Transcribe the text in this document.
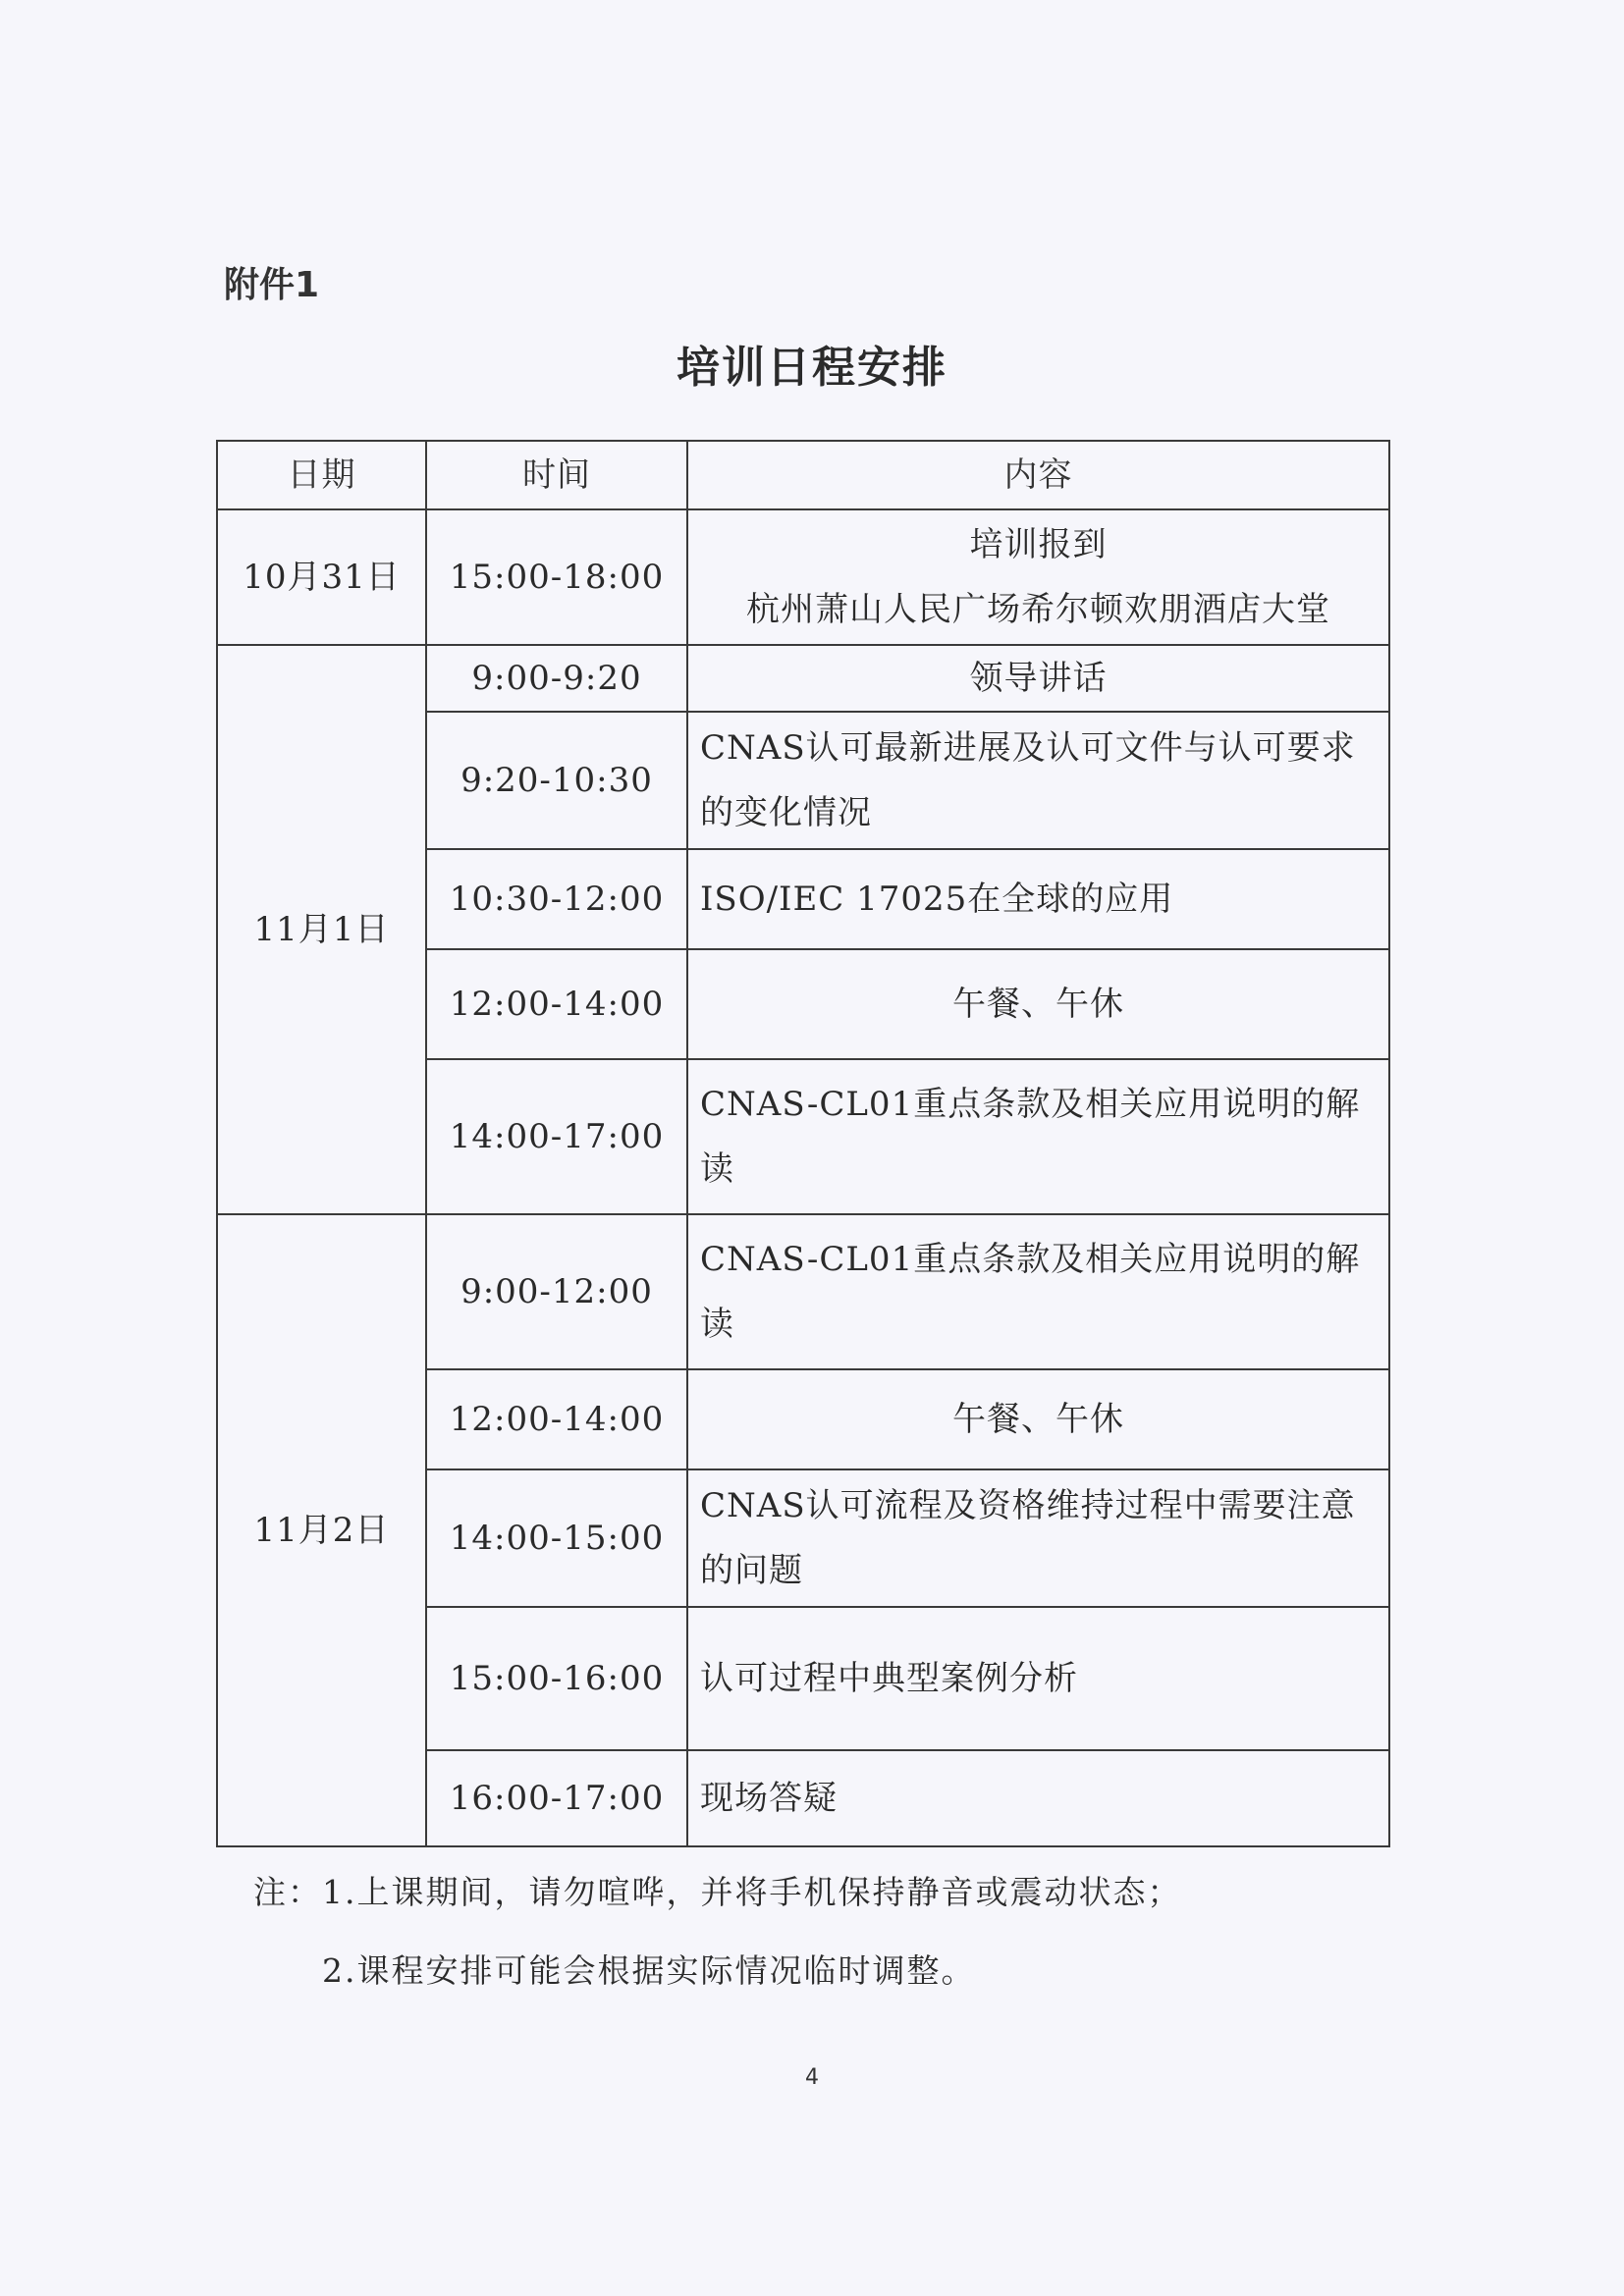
附件1
培训日程安排
日期	时间	内容
10月31日	15:00-18:00	培训报到
杭州萧山人民广场希尔顿欢朋酒店大堂
11月1日	9:00-9:20	领导讲话
	9:20-10:30	CNAS认可最新进展及认可文件与认可要求的变化情况
	10:30-12:00	ISO/IEC 17025在全球的应用
	12:00-14:00	午餐、午休
	14:00-17:00	CNAS-CL01重点条款及相关应用说明的解读
11月2日	9:00-12:00	CNAS-CL01重点条款及相关应用说明的解读
	12:00-14:00	午餐、午休
	14:00-15:00	CNAS认可流程及资格维持过程中需要注意的问题
	15:00-16:00	认可过程中典型案例分析
	16:00-17:00	现场答疑
注：1.上课期间，请勿喧哗，并将手机保持静音或震动状态；
2.课程安排可能会根据实际情况临时调整。
4
